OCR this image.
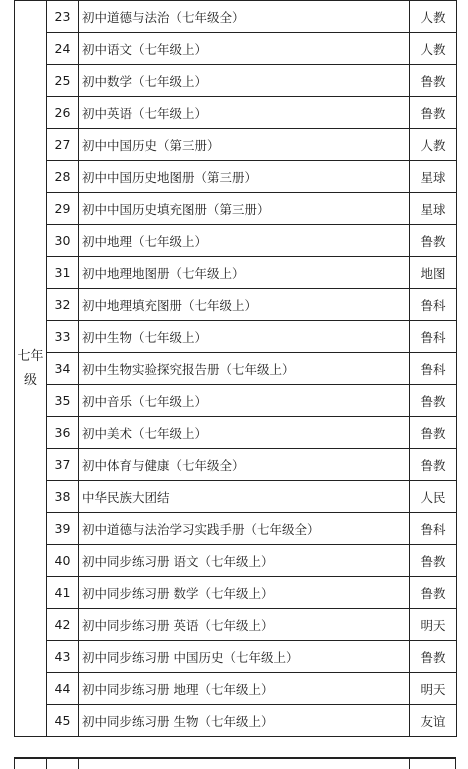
七年级	23	初中道德与法治（七年级全）	人教
	24	初中语文（七年级上）	人教
	25	初中数学（七年级上）	鲁教
	26	初中英语（七年级上）	鲁教
	27	初中中国历史（第三册）	人教
	28	初中中国历史地图册（第三册）	星球
	29	初中中国历史填充图册（第三册）	星球
	30	初中地理（七年级上）	鲁教
	31	初中地理地图册（七年级上）	地图
	32	初中地理填充图册（七年级上）	鲁科
	33	初中生物（七年级上）	鲁科
	34	初中生物实验探究报告册（七年级上）	鲁科
	35	初中音乐（七年级上）	鲁教
	36	初中美术（七年级上）	鲁教
	37	初中体育与健康（七年级全）	鲁教
	38	中华民族大团结	人民
	39	初中道德与法治学习实践手册（七年级全）	鲁科
	40	初中同步练习册 语文（七年级上）	鲁教
	41	初中同步练习册 数学（七年级上）	鲁教
	42	初中同步练习册 英语（七年级上）	明天
	43	初中同步练习册 中国历史（七年级上）	鲁教
	44	初中同步练习册 地理（七年级上）	明天
	45	初中同步练习册 生物（七年级上）	友谊
